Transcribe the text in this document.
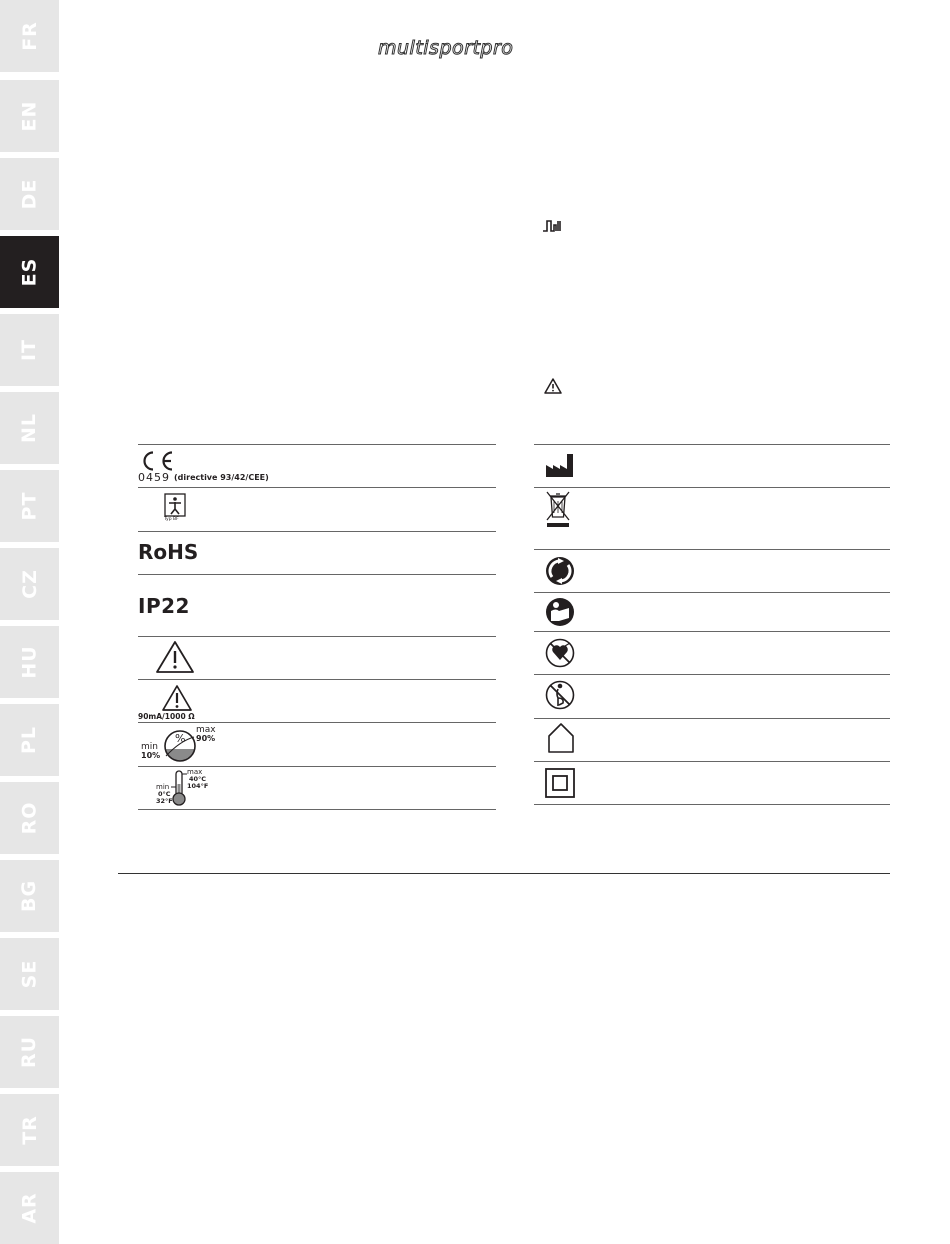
FR
EN
DE
ES
IT
NL
PT
CZ
HU
PL
RO
BG
SE
RU
TR
AR
multisportpro
0459 (directive 93/42/CEE)
Typ BF
RoHS
IP22
90mA/1000 Ω
%
max
90%
min
10%
max
40°C
104°F
min
0°C
32°F
